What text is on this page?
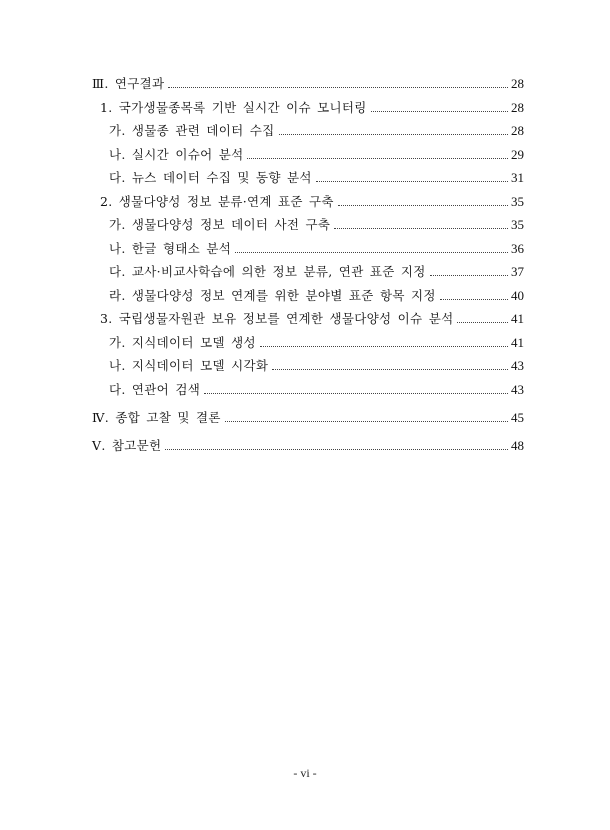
Ⅲ. 연구결과	28
1. 국가생물종목록 기반 실시간 이슈 모니터링	28
가. 생물종 관련 데이터 수집	28
나. 실시간 이슈어 분석	29
다. 뉴스 데이터 수집 및 동향 분석	31
2. 생물다양성 정보 분류·연계 표준 구축	35
가. 생물다양성 정보 데이터 사전 구축	35
나. 한글 형태소 분석	36
다. 교사·비교사학습에 의한 정보 분류, 연관 표준 지정	37
라. 생물다양성 정보 연계를 위한 분야별 표준 항목 지정	40
3. 국립생물자원관 보유 정보를 연계한 생물다양성 이슈 분석	41
가. 지식데이터 모델 생성	41
나. 지식데이터 모델 시각화	43
다. 연관어 검색	43
Ⅳ. 종합 고찰 및 결론	45
Ⅴ. 참고문헌	48
- vi -
